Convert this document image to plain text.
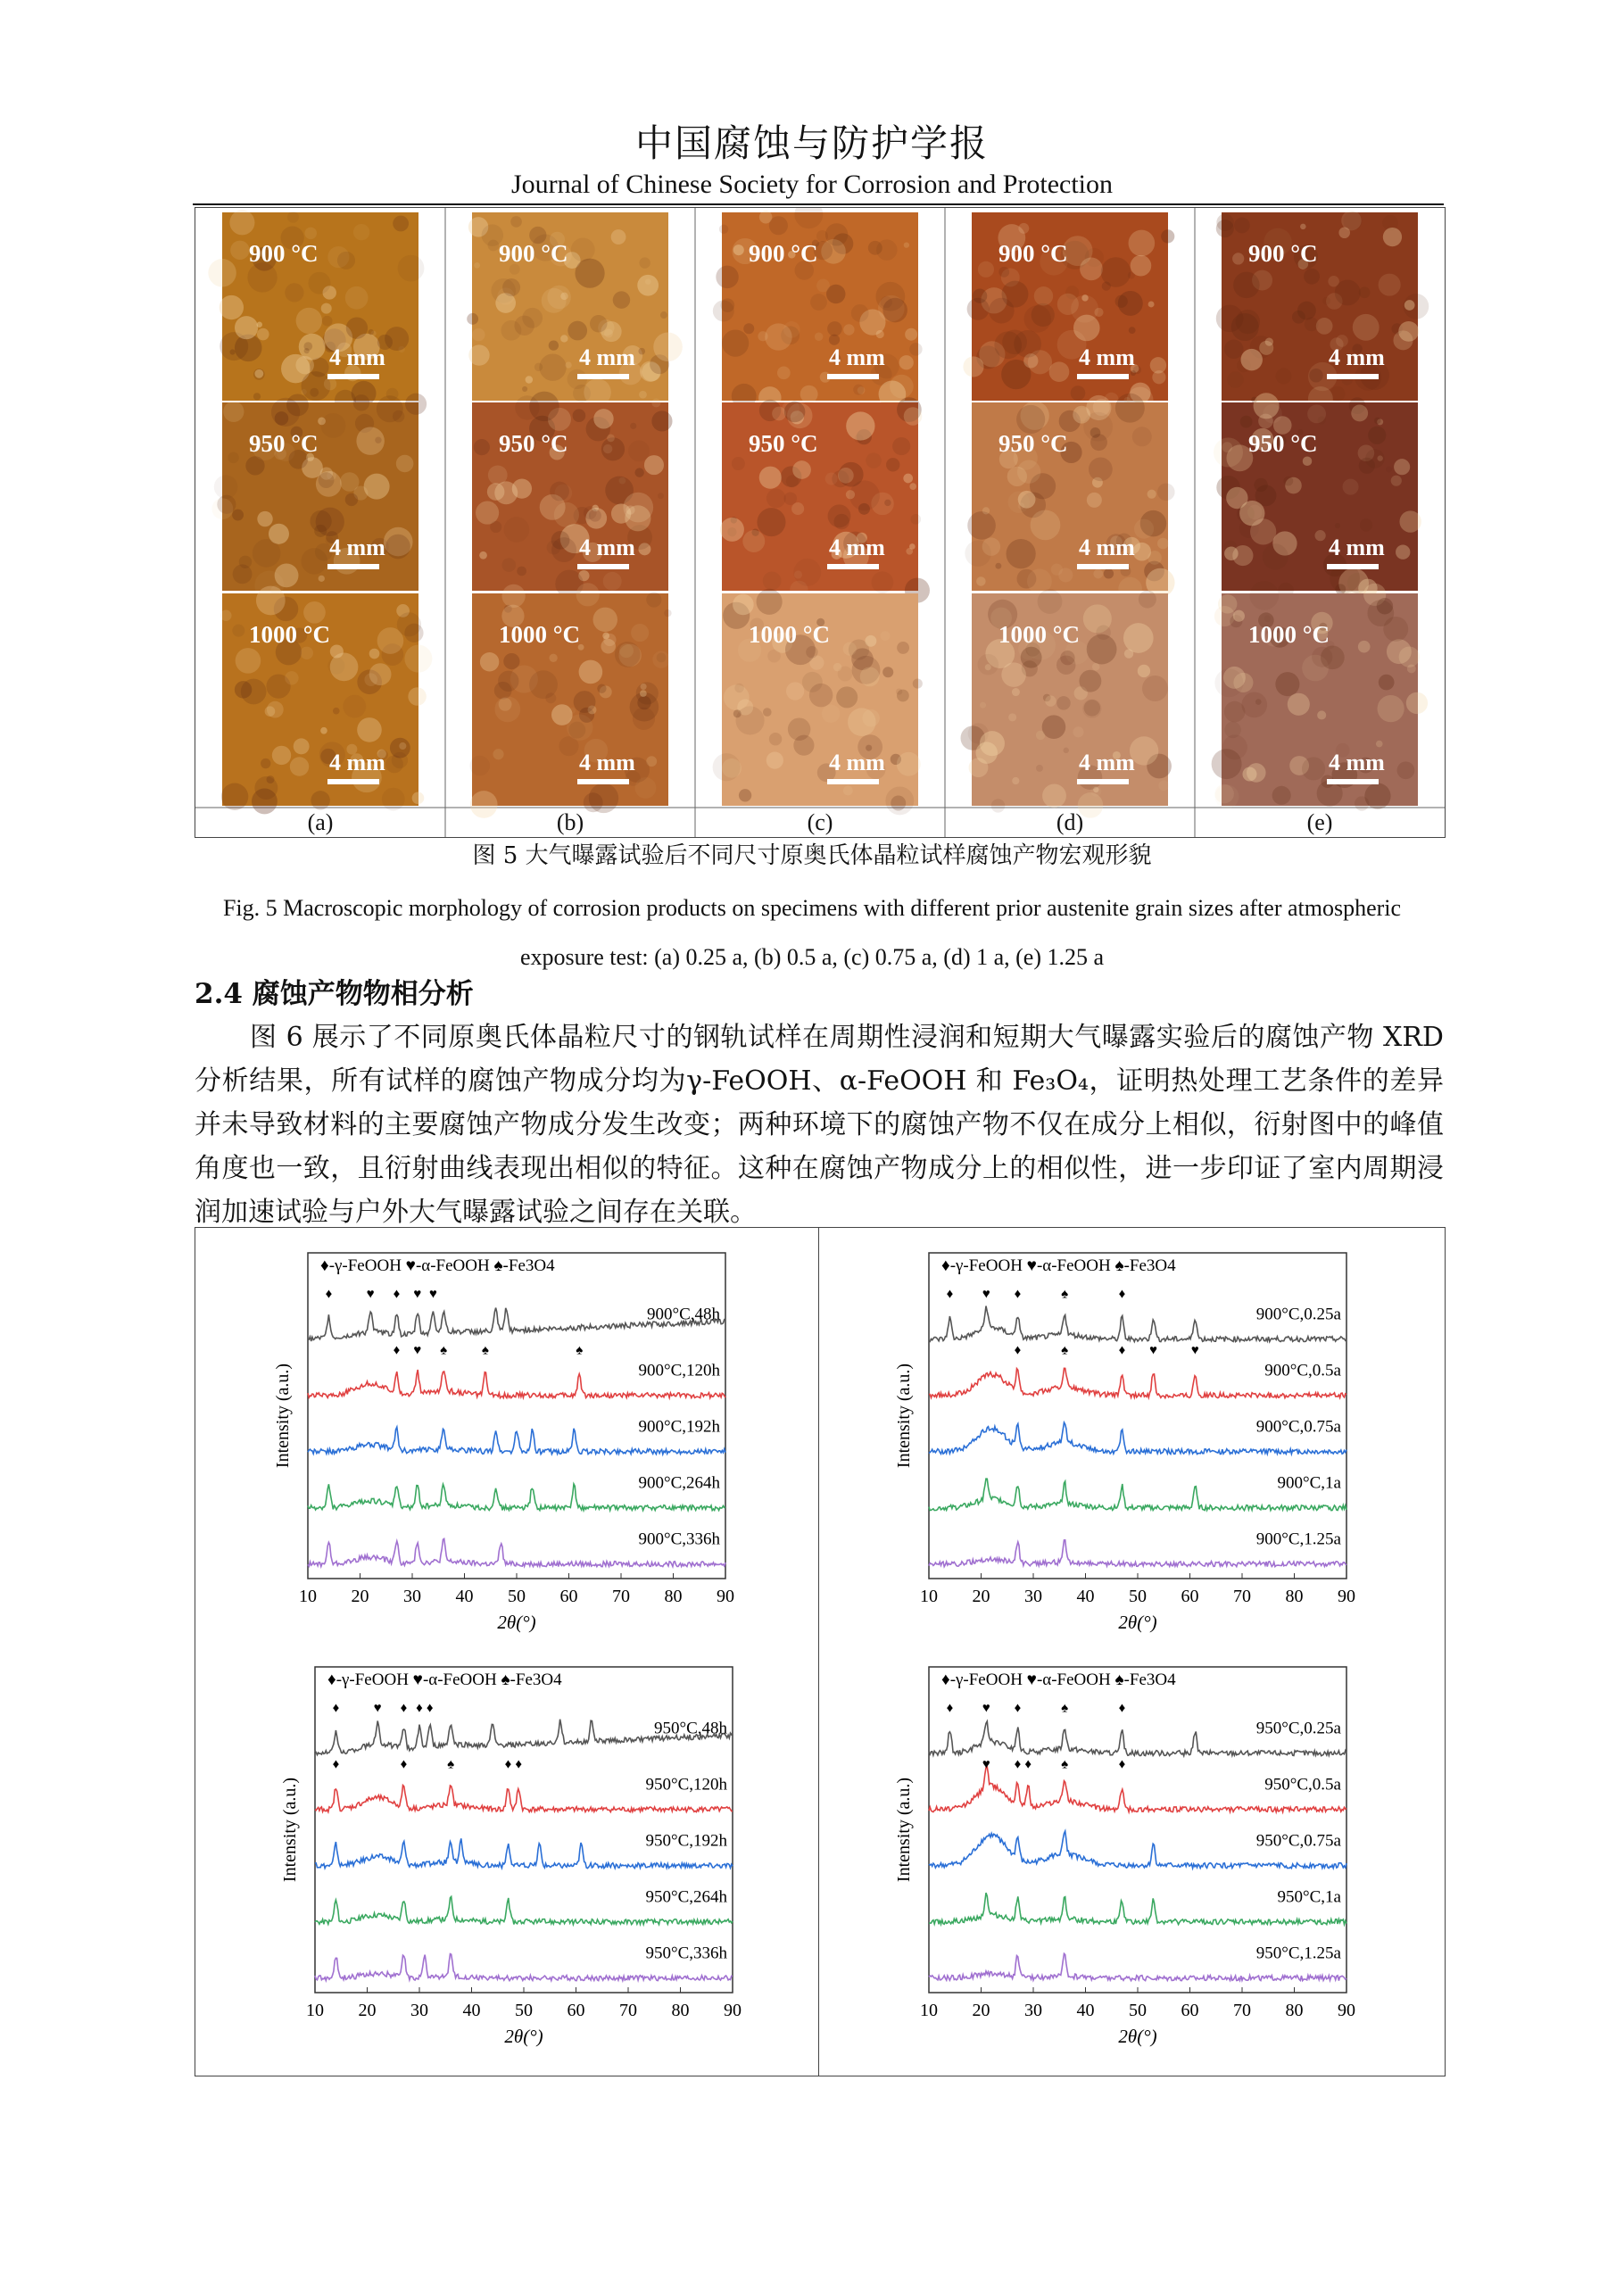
中国腐蚀与防护学报
Journal of Chinese Society for Corrosion and Protection
900 °C
4 mm
900 °C
4 mm
900 °C
4 mm
900 °C
4 mm
900 °C
4 mm
950 °C
4 mm
950 °C
4 mm
950 °C
4 mm
950 °C
4 mm
950 °C
4 mm
1000 °C
4 mm
1000 °C
4 mm
1000 °C
4 mm
1000 °C
4 mm
1000 °C
4 mm
(a)	(b)	(c)	(d)	(e)
图 5 大气曝露试验后不同尺寸原奥氏体晶粒试样腐蚀产物宏观形貌
Fig. 5 Macroscopic morphology of corrosion products on specimens with different prior austenite grain sizes after atmospheric exposure test: (a) 0.25 a, (b) 0.5 a, (c) 0.75 a, (d) 1 a, (e) 1.25 a
2.4 腐蚀产物物相分析
图 6 展示了不同原奥氏体晶粒尺寸的钢轨试样在周期性浸润和短期大气曝露实验后的腐蚀产物 XRD 分析结果，所有试样的腐蚀产物成分均为γ-FeOOH、α-FeOOH 和 Fe₃O₄，证明热处理工艺条件的差异并未导致材料的主要腐蚀产物成分发生改变；两种环境下的腐蚀产物不仅在成分上相似，衍射图中的峰值角度也一致，且衍射曲线表现出相似的特征。这种在腐蚀产物成分上的相似性，进一步印证了室内周期浸润加速试验与户外大气曝露试验之间存在关联。
10 20 30 40 50 60 70 80 90
2θ(°)
Intensity (a.u.)
♦-γ-FeOOH ♥-α-FeOOH ♠-Fe3O4
900°C,48h
♦	♥ ♦ ♥ ♥
900°C,120h
♦ ♥ ♠	♠	♠
900°C,192h
900°C,264h
900°C,336h
10 20 30 40 50 60 70 80 90
2θ(°)
Intensity (a.u.)
♦-γ-FeOOH ♥-α-FeOOH ♠-Fe3O4
900°C,0.25a
♦ ♥ ♦	♠	♦
900°C,0.5a
♦	♠	♦ ♥	♥
900°C,0.75a
900°C,1a
900°C,1.25a
10 20 30 40 50 60 70 80 90
2θ(°)
Intensity (a.u.)
♦-γ-FeOOH ♥-α-FeOOH ♠-Fe3O4
950°C,48h
♦	♥ ♦ ♦ ♦
950°C,120h
♦	♦	♠	♦ ♦
950°C,192h
950°C,264h
950°C,336h
10 20 30 40 50 60 70 80 90
2θ(°)
Intensity (a.u.)
♦-γ-FeOOH ♥-α-FeOOH ♠-Fe3O4
950°C,0.25a
♦ ♥ ♦	♠	♦
950°C,0.5a
♥ ♦ ♦ ♠	♦
950°C,0.75a
950°C,1a
950°C,1.25a
